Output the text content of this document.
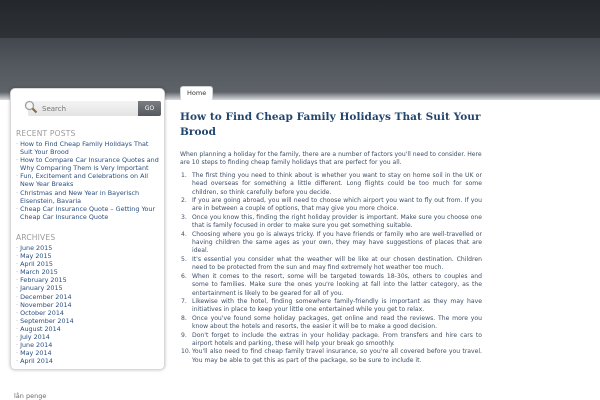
Search
GO
RECENT POSTS
· How to Find Cheap Family Holidays That Suit Your Brood
· How to Compare Car Insurance Quotes and Why Comparing Them is Very Important
· Fun, Excitement and Celebrations on All New Year Breaks
· Christmas and New Year in Bayerisch Eisenstein, Bavaria
· Cheap Car Insurance Quote – Getting Your Cheap Car Insurance Quote
ARCHIVES
· June 2015
· May 2015
· April 2015
· March 2015
· February 2015
· January 2015
· December 2014
· November 2014
· October 2014
· September 2014
· August 2014
· July 2014
· June 2014
· May 2014
· April 2014
Home
How to Find Cheap Family Holidays That Suit Your Brood

When planning a holiday for the family, there are a number of factors you'll need to consider. Here are 10 steps to finding cheap family holidays that are perfect for you all.

1. The first thing you need to think about is whether you want to stay on home soil in the UK or head overseas for something a little different. Long flights could be too much for some children, so think carefully before you decide.
2. If you are going abroad, you will need to choose which airport you want to fly out from. If you are in between a couple of options, that may give you more choice.
3. Once you know this, finding the right holiday provider is important. Make sure you choose one that is family focused in order to make sure you get something suitable.
4. Choosing where you go is always tricky. If you have friends or family who are well-travelled or having children the same ages as your own, they may have suggestions of places that are ideal.
5. It's essential you consider what the weather will be like at our chosen destination. Children need to be protected from the sun and may find extremely hot weather too much.
6. When it comes to the resort, some will be targeted towards 18-30s, others to couples and some to families. Make sure the ones you're looking at fall into the latter category, as the entertainment is likely to be geared for all of you.
7. Likewise with the hotel, finding somewhere family-friendly is important as they may have initiatives in place to keep your little one entertained while you get to relax.
8. Once you've found some holiday packages, get online and read the reviews. The more you know about the hotels and resorts, the easier it will be to make a good decision.
9. Don't forget to include the extras in your holiday package. From transfers and hire cars to airport hotels and parking, these will help your break go smoothly.
10. You'll also need to find cheap family travel insurance, so you're all covered before you travel. You may be able to get this as part of the package, so be sure to include it.
lån penge
